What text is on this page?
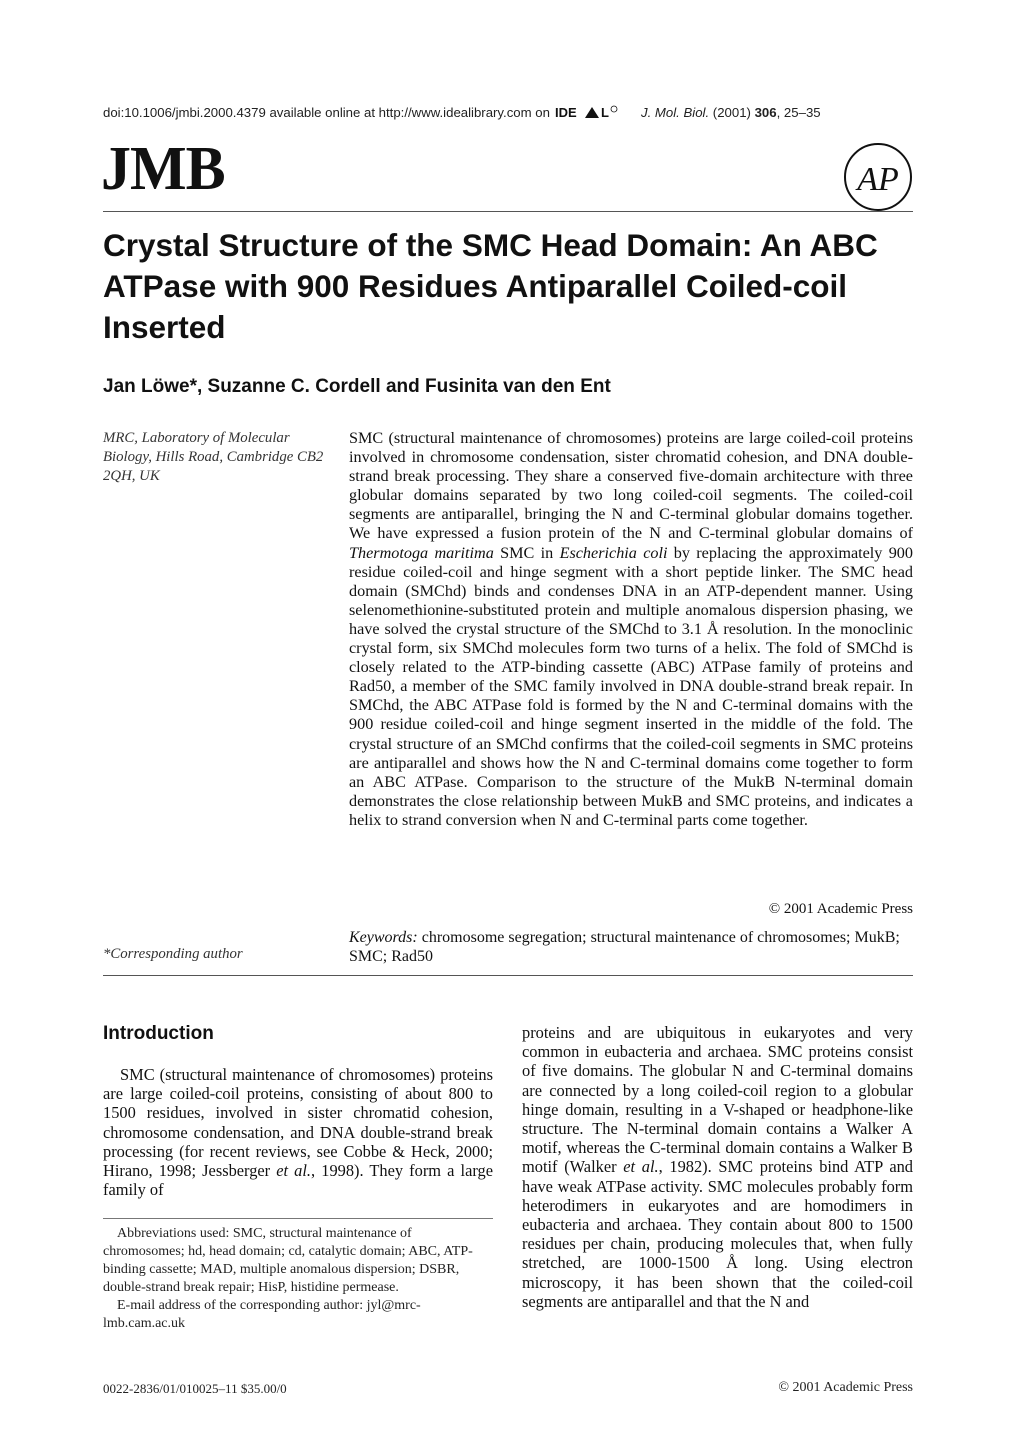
doi:10.1006/jmbi.2000.4379 available online at http://www.idealibrary.com on IDE L J. Mol. Biol. (2001) 306, 25–35
JMB	AP
Crystal Structure of the SMC Head Domain: An ABC ATPase with 900 Residues Antiparallel Coiled-coil Inserted
Jan Löwe*, Suzanne C. Cordell and Fusinita van den Ent
MRC, Laboratory of Molecular Biology, Hills Road, Cambridge CB2 2QH, UK
*Corresponding author

SMC (structural maintenance of chromosomes) proteins are large coiled-coil proteins involved in chromosome condensation, sister chromatid cohesion, and DNA double-strand break processing. They share a conserved five-domain architecture with three globular domains separated by two long coiled-coil segments. The coiled-coil segments are antiparallel, bringing the N and C-terminal globular domains together. We have expressed a fusion protein of the N and C-terminal globular domains of Thermotoga maritima SMC in Escherichia coli by replacing the approximately 900 residue coiled-coil and hinge segment with a short peptide linker. The SMC head domain (SMChd) binds and condenses DNA in an ATP-dependent manner. Using selenomethionine-substituted protein and multiple anomalous dispersion phasing, we have solved the crystal structure of the SMChd to 3.1 Å resolution. In the monoclinic crystal form, six SMChd molecules form two turns of a helix. The fold of SMChd is closely related to the ATP-binding cassette (ABC) ATPase family of proteins and Rad50, a member of the SMC family involved in DNA double-strand break repair. In SMChd, the ABC ATPase fold is formed by the N and C-terminal domains with the 900 residue coiled-coil and hinge segment inserted in the middle of the fold. The crystal structure of an SMChd confirms that the coiled-coil segments in SMC proteins are antiparallel and shows how the N and C-terminal domains come together to form an ABC ATPase. Comparison to the structure of the MukB N-terminal domain demonstrates the close relationship between MukB and SMC proteins, and indicates a helix to strand conversion when N and C-terminal parts come together.

© 2001 Academic Press
Keywords: chromosome segregation; structural maintenance of chromosomes; MukB; SMC; Rad50
Introduction

SMC (structural maintenance of chromosomes) proteins are large coiled-coil proteins, consisting of about 800 to 1500 residues, involved in sister chromatid cohesion, chromosome condensation, and DNA double-strand break processing (for recent reviews, see Cobbe & Heck, 2000; Hirano, 1998; Jessberger et al., 1998). They form a large family of

Abbreviations used: SMC, structural maintenance of chromosomes; hd, head domain; cd, catalytic domain; ABC, ATP-binding cassette; MAD, multiple anomalous dispersion; DSBR, double-strand break repair; HisP, histidine permease.

E-mail address of the corresponding author: jyl@mrc-lmb.cam.ac.uk

proteins and are ubiquitous in eukaryotes and very common in eubacteria and archaea. SMC proteins consist of five domains. The globular N and C-terminal domains are connected by a long coiled-coil region to a globular hinge domain, resulting in a V-shaped or headphone-like structure. The N-terminal domain contains a Walker A motif, whereas the C-terminal domain contains a Walker B motif (Walker et al., 1982). SMC proteins bind ATP and have weak ATPase activity. SMC molecules probably form heterodimers in eukaryotes and are homodimers in eubacteria and archaea. They contain about 800 to 1500 residues per chain, producing molecules that, when fully stretched, are 1000-1500 Å long. Using electron microscopy, it has been shown that the coiled-coil segments are antiparallel and that the N and

0022-2836/01/010025–11 $35.00/0	© 2001 Academic Press
